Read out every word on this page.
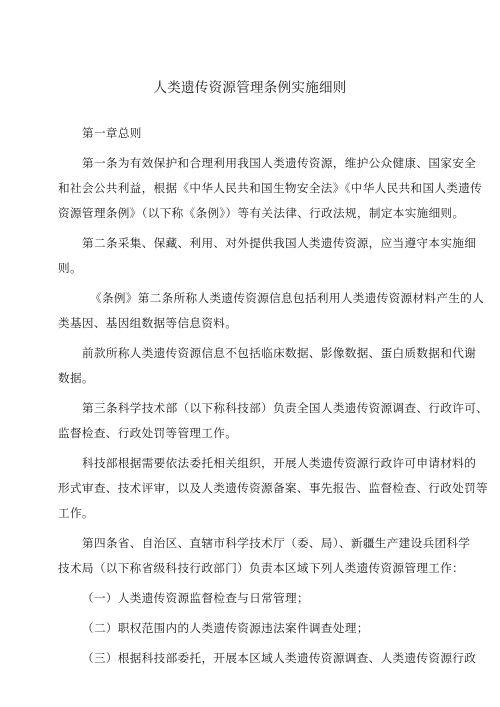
人类遗传资源管理条例实施细则
第一章总则
第一条为有效保护和合理利用我国人类遗传资源，维护公众健康、国家安全
和社会公共利益，根据《中华人民共和国生物安全法》《中华人民共和国人类遗传
资源管理条例》（以下称《条例》）等有关法律、行政法规，制定本实施细则。
第二条采集、保藏、利用、对外提供我国人类遗传资源，应当遵守本实施细
则。
《条例》第二条所称人类遗传资源信息包括利用人类遗传资源材料产生的人
类基因、基因组数据等信息资料。
前款所称人类遗传资源信息不包括临床数据、影像数据、蛋白质数据和代谢
数据。
第三条科学技术部（以下称科技部）负责全国人类遗传资源调查、行政许可、
监督检查、行政处罚等管理工作。
科技部根据需要依法委托相关组织，开展人类遗传资源行政许可申请材料的
形式审查、技术评审，以及人类遗传资源备案、事先报告、监督检查、行政处罚等
工作。
第四条省、自治区、直辖市科学技术厅（委、局）、新疆生产建设兵团科学
技术局（以下称省级科技行政部门）负责本区域下列人类遗传资源管理工作：
（一）人类遗传资源监督检查与日常管理；
（二）职权范围内的人类遗传资源违法案件调查处理；
（三）根据科技部委托，开展本区域人类遗传资源调查、人类遗传资源行政
